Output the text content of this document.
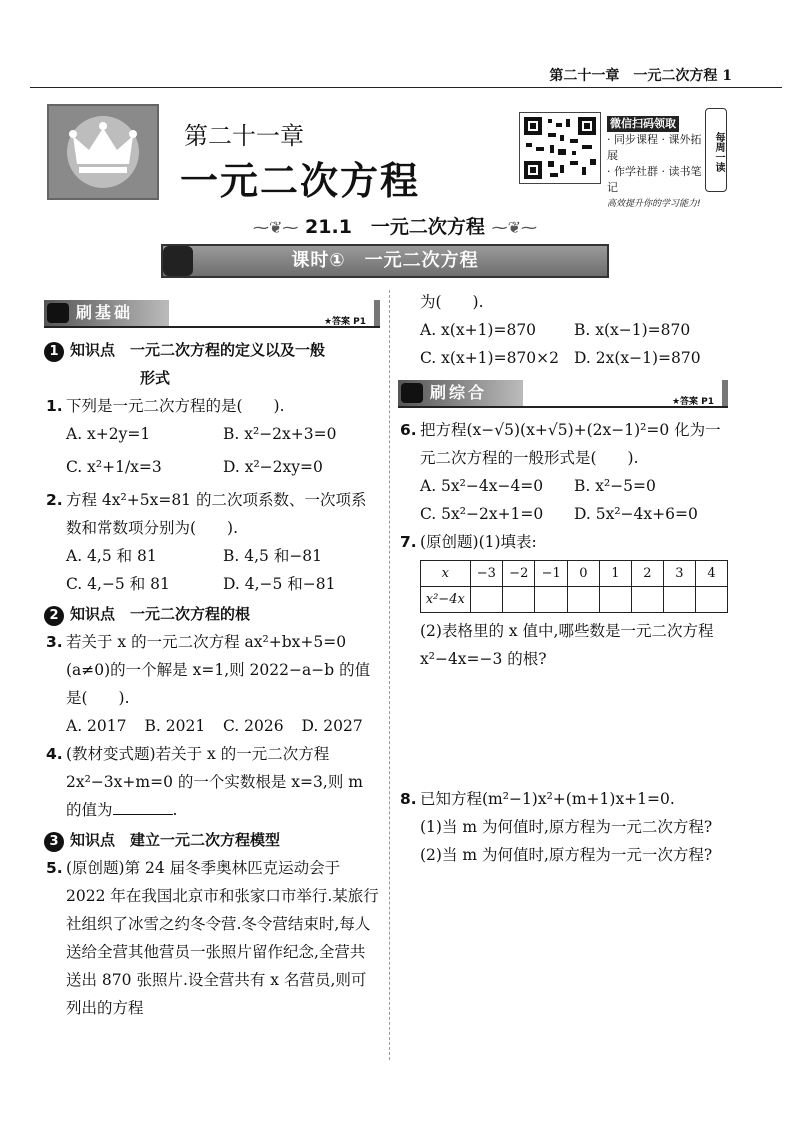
第二十一章　一元二次方程 1
第二十一章
一元二次方程
微信扫码领取
· 同步课程 · 课外拓展
· 作学社群 · 读书笔记
高效提升你的学习能力!
每周一读
⁓❦⁓ 21.1　一元二次方程 ⁓❦⁓
课时①　一元二次方程
刷基础	★答案 P1
1 知识点　一元二次方程的定义以及一般
形式
1. 下列是一元二次方程的是(　　).
A. x+2y=1	B. x²−2x+3=0
C. x²+1/x=3	D. x²−2xy=0
2. 方程 4x²+5x=81 的二次项系数、一次项系数和常数项分别为(　　).
A. 4,5 和 81	B. 4,5 和−81
C. 4,−5 和 81	D. 4,−5 和−81
2 知识点　一元二次方程的根
3. 若关于 x 的一元二次方程 ax²+bx+5=0 (a≠0)的一个解是 x=1,则 2022−a−b 的值是(　　).
A. 2017	B. 2021	C. 2026	D. 2027
4. (教材变式题)若关于 x 的一元二次方程 2x²−3x+m=0 的一个实数根是 x=3,则 m 的值为	.
3 知识点　建立一元二次方程模型
5. (原创题)第 24 届冬季奥林匹克运动会于 2022 年在我国北京市和张家口市举行.某旅行社组织了冰雪之约冬令营.冬令营结束时,每人送给全营其他营员一张照片留作纪念,全营共送出 870 张照片.设全营共有 x 名营员,则可列出的方程
为(　　).
A. x(x+1)=870	B. x(x−1)=870
C. x(x+1)=870×2 D. 2x(x−1)=870
刷综合	★答案 P1
6. 把方程(x−√5)(x+√5)+(2x−1)²=0 化为一元二次方程的一般形式是(　　).
A. 5x²−4x−4=0	B. x²−5=0
C. 5x²−2x+1=0	D. 5x²−4x+6=0
7. (原创题)(1)填表:
x	−3	−2	−1	0	1	2	3	4
x²−4x								
(2)表格里的 x 值中,哪些数是一元二次方程 x²−4x=−3 的根?
8. 已知方程(m²−1)x²+(m+1)x+1=0.
(1)当 m 为何值时,原方程为一元二次方程?
(2)当 m 为何值时,原方程为一元一次方程?
